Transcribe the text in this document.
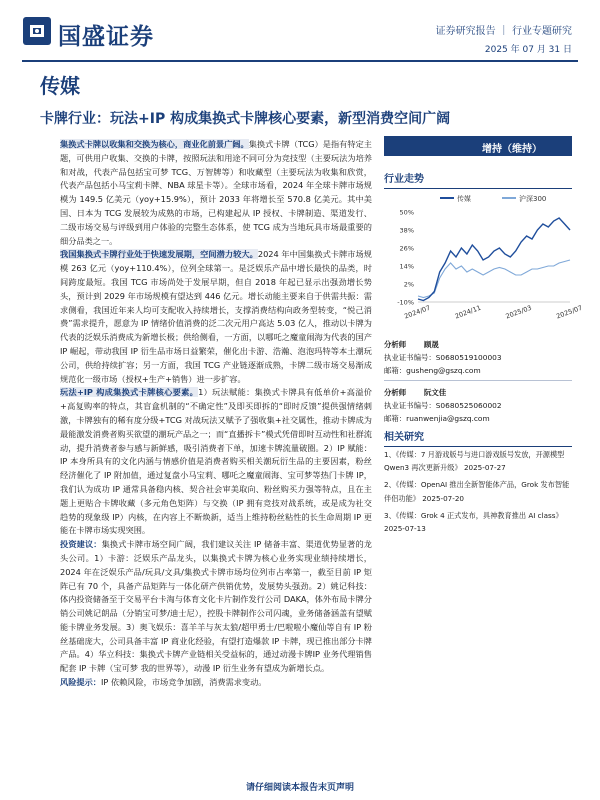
国盛证券	证券研究报告 ｜ 行业专题研究
2025 年 07 月 31 日
传媒
卡牌行业：玩法+IP 构成集换式卡牌核心要素，新型消费空间广阔

集换式卡牌以收集和交换为核心，商业化前景广阔。集换式卡牌（TCG）是指有特定主题，可供用户收集、交换的卡牌，按照玩法和用途不同可分为竞技型（主要玩法为培养和对战，代表产品包括宝可梦 TCG、万智牌等）和收藏型（主要玩法为收集和欣赏，代表产品包括小马宝莉卡牌、NBA 球星卡等）。全球市场看，2024 年全球卡牌市场规模为 149.5 亿美元（yoy+15.9%），预计 2033 年将增长至 570.8 亿美元。其中美国、日本为 TCG 发展较为成熟的市场，已构建起从 IP 授权、卡牌制造、渠道发行、二级市场交易与评级到用户体验的完整生态体系，使 TCG 成为当地玩具市场最重要的细分品类之一。

我国集换式卡牌行业处于快速发展期，空间潜力较大。2024 年中国集换式卡牌市场规模 263 亿元（yoy+110.4%），位列全球第一。是泛娱乐产品中增长最快的品类，时间跨度最短。我国 TCG 市场尚处于发展早期，但自 2018 年起已显示出强劲增长势头，预计到 2029 年市场规模有望达到 446 亿元。增长动能主要来自于供需共振：需求侧看，我国近年来人均可支配收入持续增长，支撑消费结构向政务型转变，“悦己消费”需求提升，愿意为 IP 情绪价值消费的泛二次元用户高达 5.03 亿人，推动以卡牌为代表的泛娱乐消费成为新增长极；供给侧看，一方面，以哪吒之魔童闹海为代表的国产 IP 崛起，带动我国 IP 衍生品市场日益繁荣，催化出卡游、浩瀚、泡泡玛特等本土潮玩公司，供给持续扩容；另一方面，我国 TCG 产业链逐渐成熟，卡牌二级市场交易渐成规范化一级市场（授权+生产+销售）进一步扩容。

玩法+IP 构成集换式卡牌核心要素。1）玩法赋能：集换式卡牌具有低单价+高溢价+高复购率的特点，其盲盒机制的“不确定性”及即买即拆的“即时反馈”提供强情绪刺激，卡牌独有的稀有度分级+TCG 对战玩法又赋予了强收集+社交属性，推动卡牌成为最能激发消费者购买欲望的潮玩产品之一；而“直播拆卡”模式凭借即时互动性和社群流动，提升消费者参与感与新鲜感，吸引消费者下单，加速卡牌流量破圈。2）IP 赋能：IP 本身所具有的文化内涵与情感价值是消费者购买相关潮玩衍生品的主要因素，粉丝经济催化了 IP 附加值，通过复盘小马宝莉、哪吒之魔童闹海、宝可梦等热门卡牌 IP，我们认为成功 IP 通常具备稳内核、契合社会审美取向、粉丝购买力强等特点，且在主题上更贴合卡牌收藏（多元角色矩阵）与交换（IP 拥有竞技对战系统，或是成为社交趋势的现象级 IP）内核，在内容上不断焕新，适当上维持粉丝粘性的长生命周期 IP 更能在卡牌市场实现突围。

投资建议：集换式卡牌市场空间广阔，我们建议关注 IP 储备丰富、渠道优势显著的龙头公司。1）卡游：泛娱乐产品龙头，以集换式卡牌为核心业务实现业绩持续增长，2024 年在泛娱乐产品/玩具/文具/集换式卡牌市场均位列市占率第一，截至目前 IP 矩阵已有 70 个，具备产品矩阵与一体化研产供销优势，发展势头强劲。2）姚记科技：体内投资储备至于交易平台卡淘与体育文化卡片制作发行公司 DAKA，体外布局卡牌分销公司姚记朗品（分销宝可梦/迪士尼），控股卡牌制作公司闪魂，业务储备涵盖有望赋能卡牌业务发展。3）奥飞娱乐：喜羊羊与灰太狼/超甲勇士/巴啦啦小魔仙等自有 IP 粉丝基础庞大，公司具备丰富 IP 商业化经验，有望打造爆款 IP 卡牌，现已推出部分卡牌产品。4）华立科技：集换式卡牌产业链相关受益标的，通过动漫卡牌IP 业务代理销售配套 IP 卡牌（宝可梦 我的世界等），动漫 IP 衍生业务有望成为新增长点。

风险提示：IP 依赖风险，市场竞争加剧，消费需求变动。

增持（维持）
行业走势
传媒	沪深300
-10%
2%
14%
26%
38%
50%
2024/07	2024/11	2025/03	2025/07
分析师 顾晟
执业证书编号：S0680519100003
邮箱：gusheng@gszq.com
分析师 阮文佳
执业证书编号：S0680525060002
邮箱：ruanwenjia@gszq.com
相关研究
1、《传媒：7 月游戏版号与进口游戏版号发放，开源模型 Qwen3 再次更新升级》 2025-07-27
2、《传媒：OpenAI 推出全新智能体产品，Grok 发布智能伴侣功能》 2025-07-20
3、《传媒：Grok 4 正式发布，具神教育推出 AI class》 2025-07-13
请仔细阅读本报告末页声明
